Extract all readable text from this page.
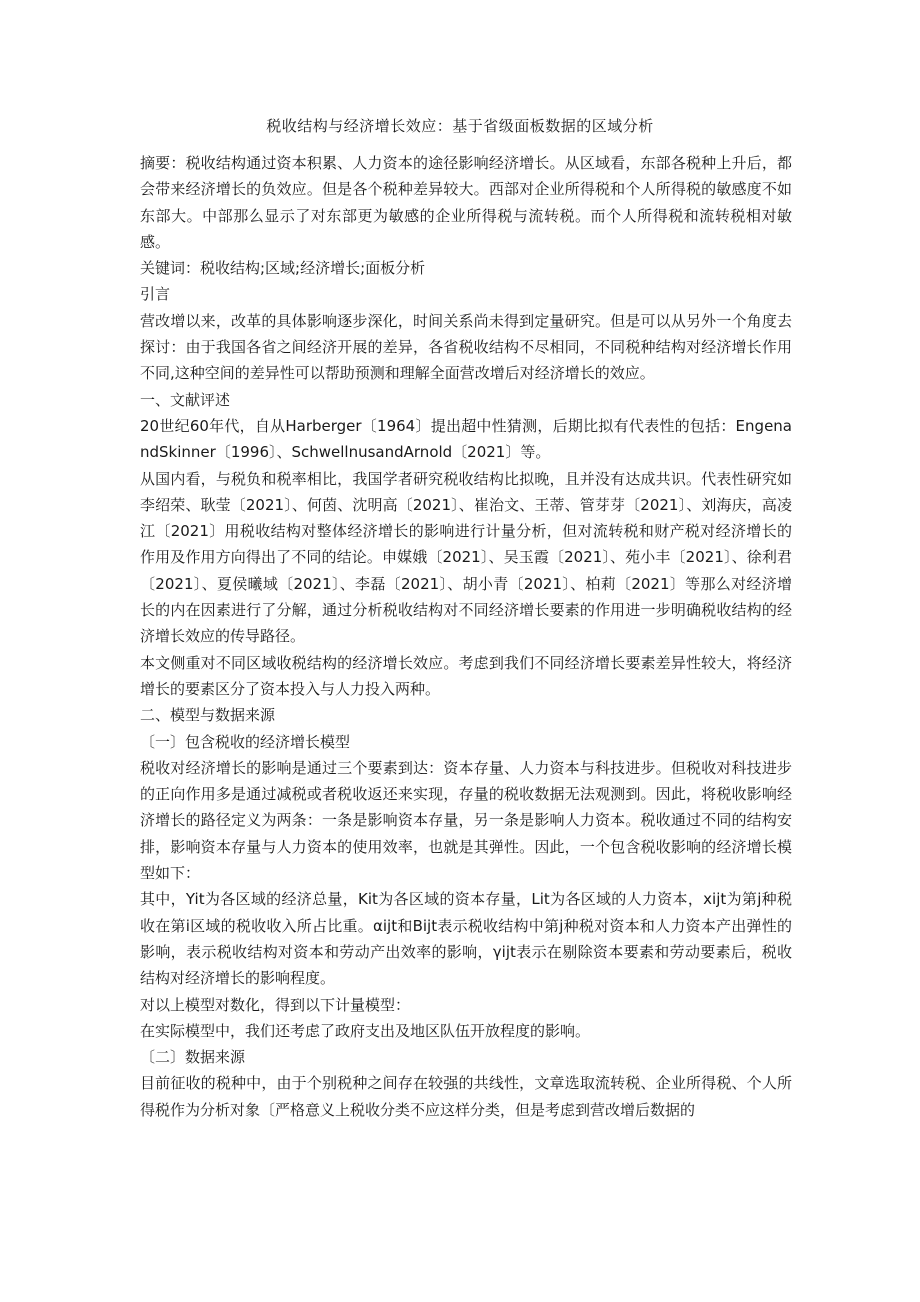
税收结构与经济增长效应：基于省级面板数据的区域分析

摘要：税收结构通过资本积累、人力资本的途径影响经济增长。从区域看，东部各税种上升后，都会带来经济增长的负效应。但是各个税种差异较大。西部对企业所得税和个人所得税的敏感度不如东部大。中部那么显示了对东部更为敏感的企业所得税与流转税。而个人所得税和流转税相对敏感。

关键词：税收结构;区域;经济增长;面板分析

引言

营改增以来，改革的具体影响逐步深化，时间关系尚未得到定量研究。但是可以从另外一个角度去探讨：由于我国各省之间经济开展的差异，各省税收结构不尽相同，不同税种结构对经济增长作用不同,这种空间的差异性可以帮助预测和理解全面营改增后对经济增长的效应。

一、文献评述

20世纪60年代，自从Harberger〔1964〕提出超中性猜测，后期比拟有代表性的包括：EngenandSkinner〔1996〕、SchwellnusandArnold〔2021〕等。

从国内看，与税负和税率相比，我国学者研究税收结构比拟晚，且并没有达成共识。代表性研究如李绍荣、耿莹〔2021〕、何茵、沈明高〔2021〕、崔治文、王蒂、管芽芽〔2021〕、刘海庆，高凌江〔2021〕用税收结构对整体经济增长的影响进行计量分析，但对流转税和财产税对经济增长的作用及作用方向得出了不同的结论。申媒娥〔2021〕、吴玉霞〔2021〕、苑小丰〔2021〕、徐利君〔2021〕、夏侯曦域〔2021〕、李磊〔2021〕、胡小青〔2021〕、柏莉〔2021〕等那么对经济增长的内在因素进行了分解，通过分析税收结构对不同经济增长要素的作用进一步明确税收结构的经济增长效应的传导路径。

本文侧重对不同区域收税结构的经济增长效应。考虑到我们不同经济增长要素差异性较大，将经济增长的要素区分了资本投入与人力投入两种。

二、模型与数据来源

〔一〕包含税收的经济增长模型

税收对经济增长的影响是通过三个要素到达：资本存量、人力资本与科技进步。但税收对科技进步的正向作用多是通过减税或者税收返还来实现，存量的税收数据无法观测到。因此，将税收影响经济增长的路径定义为两条：一条是影响资本存量，另一条是影响人力资本。税收通过不同的结构安排，影响资本存量与人力资本的使用效率，也就是其弹性。因此，一个包含税收影响的经济增长模型如下：

其中，Yit为各区域的经济总量，Kit为各区域的资本存量，Lit为各区域的人力资本，xijt为第j种税收在第i区域的税收收入所占比重。αijt和Bijt表示税收结构中第j种税对资本和人力资本产出弹性的影响，表示税收结构对资本和劳动产出效率的影响，γijt表示在剔除资本要素和劳动要素后，税收结构对经济增长的影响程度。

对以上模型对数化，得到以下计量模型：

在实际模型中，我们还考虑了政府支出及地区队伍开放程度的影响。

〔二〕数据来源

目前征收的税种中，由于个别税种之间存在较强的共线性，文章选取流转税、企业所得税、个人所得税作为分析对象〔严格意义上税收分类不应这样分类，但是考虑到营改增后数据的
